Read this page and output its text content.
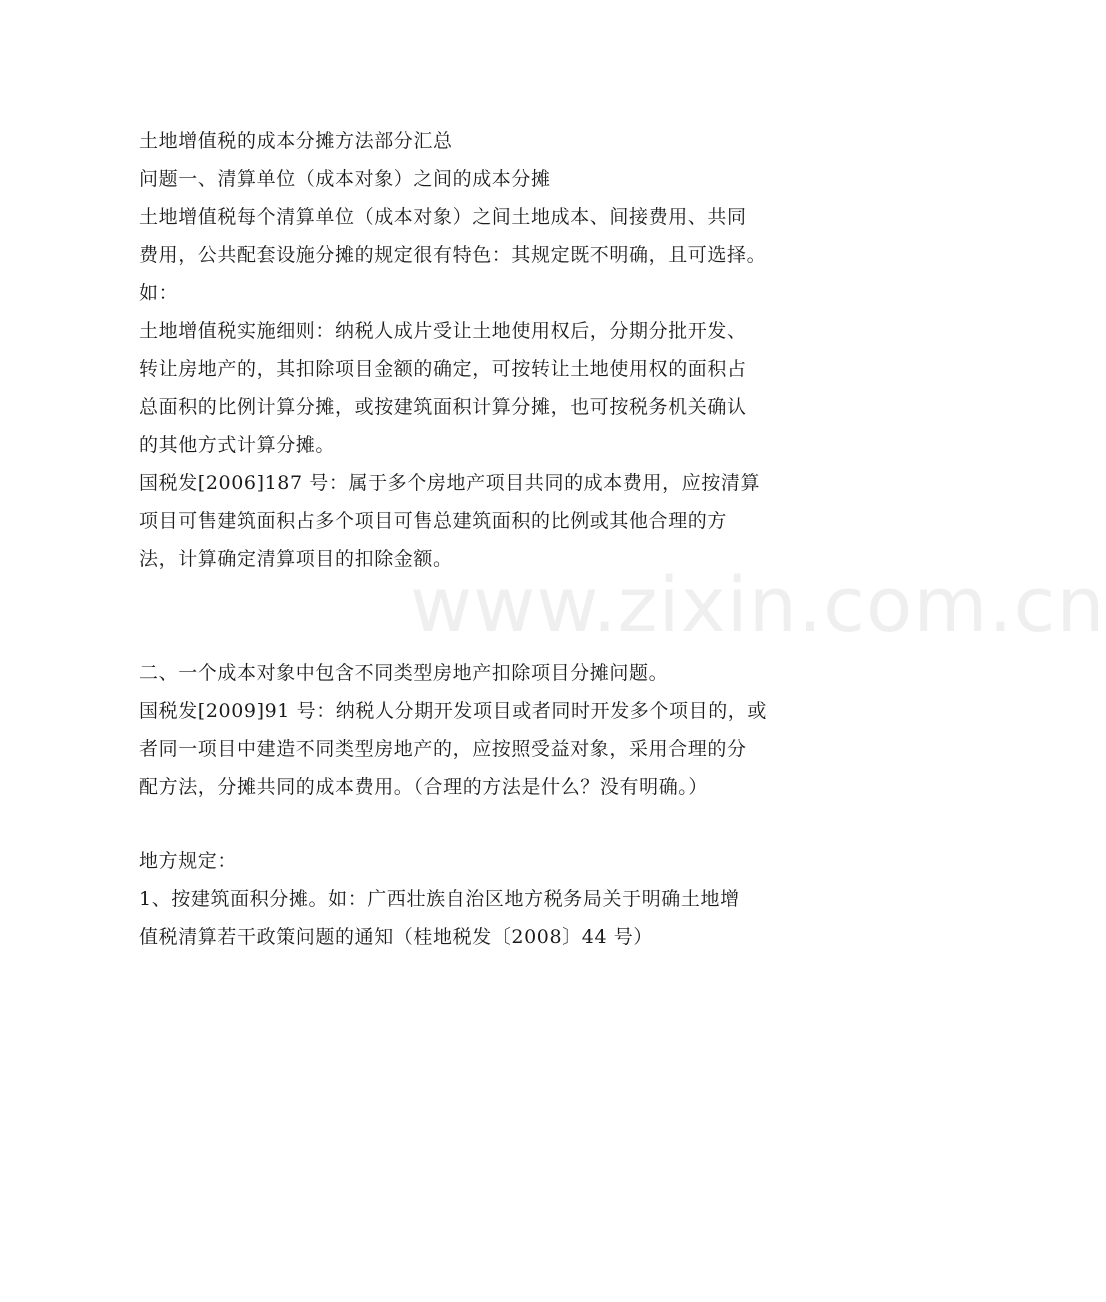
www.zixin.com.cn
土地增值税的成本分摊方法部分汇总
问题一、清算单位（成本对象）之间的成本分摊
土地增值税每个清算单位（成本对象）之间土地成本、间接费用、共同
费用，公共配套设施分摊的规定很有特色：其规定既不明确，且可选择。
如：
土地增值税实施细则：纳税人成片受让土地使用权后，分期分批开发、
转让房地产的，其扣除项目金额的确定，可按转让土地使用权的面积占
总面积的比例计算分摊，或按建筑面积计算分摊，也可按税务机关确认
的其他方式计算分摊。
国税发[2006]187 号：属于多个房地产项目共同的成本费用，应按清算
项目可售建筑面积占多个项目可售总建筑面积的比例或其他合理的方
法，计算确定清算项目的扣除金额。
二、一个成本对象中包含不同类型房地产扣除项目分摊问题。
国税发[2009]91 号：纳税人分期开发项目或者同时开发多个项目的，或
者同一项目中建造不同类型房地产的，应按照受益对象，采用合理的分
配方法，分摊共同的成本费用。（合理的方法是什么？没有明确。）
地方规定：
1、按建筑面积分摊。如：广西壮族自治区地方税务局关于明确土地增
值税清算若干政策问题的通知（桂地税发〔2008〕44 号）
